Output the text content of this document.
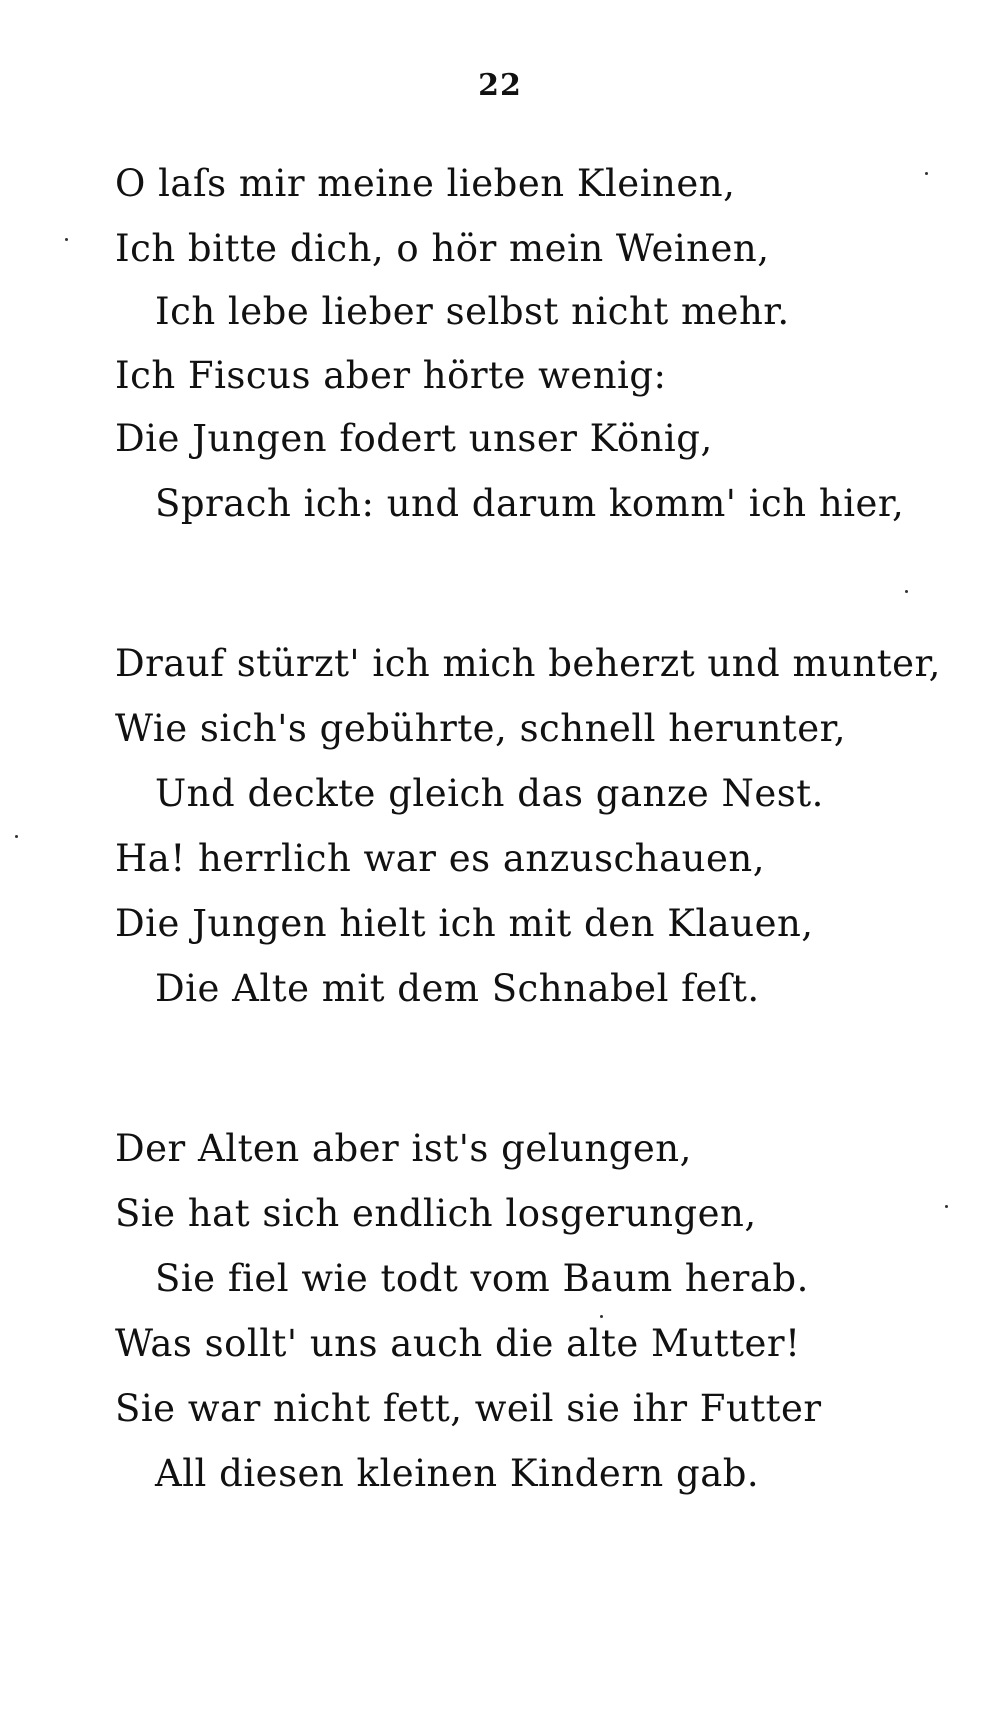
22
O laſs mir meine lieben Kleinen,
Ich bitte dich, o hör mein Weinen,
Ich lebe lieber selbst nicht mehr.
Ich Fiscus aber hörte wenig:
Die Jungen fodert unser König,
Sprach ich: und darum komm' ich hier,
Drauf stürzt' ich mich beherzt und munter,
Wie sich's gebührte, schnell herunter,
Und deckte gleich das ganze Nest.
Ha! herrlich war es anzuschauen,
Die Jungen hielt ich mit den Klauen,
Die Alte mit dem Schnabel feſt.
Der Alten aber ist's gelungen,
Sie hat sich endlich losgerungen,
Sie fiel wie todt vom Baum herab.
Was sollt' uns auch die alte Mutter!
Sie war nicht fett, weil sie ihr Futter
All diesen kleinen Kindern gab.
